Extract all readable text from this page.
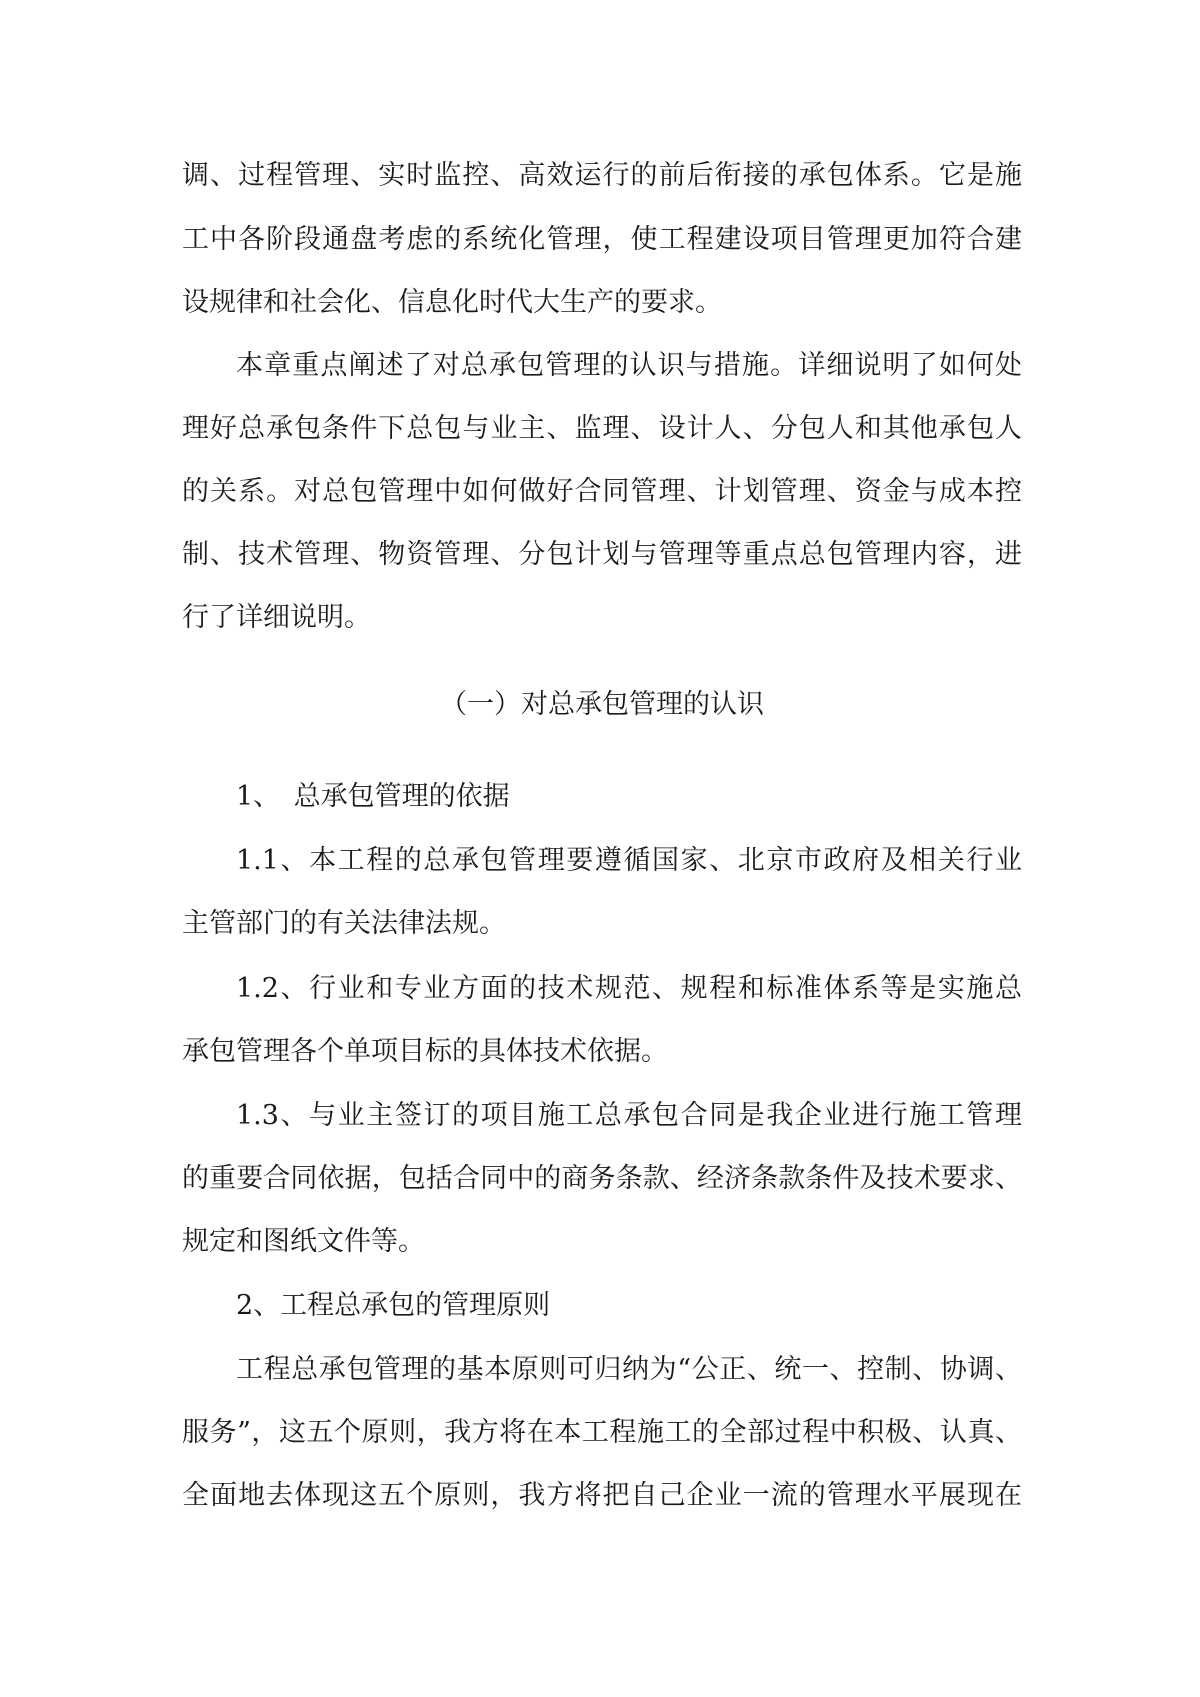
调、过程管理、实时监控、高效运行的前后衔接的承包体系。它是施
工中各阶段通盘考虑的系统化管理，使工程建设项目管理更加符合建
设规律和社会化、信息化时代大生产的要求。
本章重点阐述了对总承包管理的认识与措施。详细说明了如何处
理好总承包条件下总包与业主、监理、设计人、分包人和其他承包人
的关系。对总包管理中如何做好合同管理、计划管理、资金与成本控
制、技术管理、物资管理、分包计划与管理等重点总包管理内容，进
行了详细说明。
（一）对总承包管理的认识
1、　总承包管理的依据
1.1、本工程的总承包管理要遵循国家、北京市政府及相关行业
主管部门的有关法律法规。
1.2、行业和专业方面的技术规范、规程和标准体系等是实施总
承包管理各个单项目标的具体技术依据。
1.3、与业主签订的项目施工总承包合同是我企业进行施工管理
的重要合同依据，包括合同中的商务条款、经济条款条件及技术要求、
规定和图纸文件等。
2、工程总承包的管理原则
工程总承包管理的基本原则可归纳为“公正、统一、控制、协调、
服务”，这五个原则，我方将在本工程施工的全部过程中积极、认真、
全面地去体现这五个原则，我方将把自己企业一流的管理水平展现在
